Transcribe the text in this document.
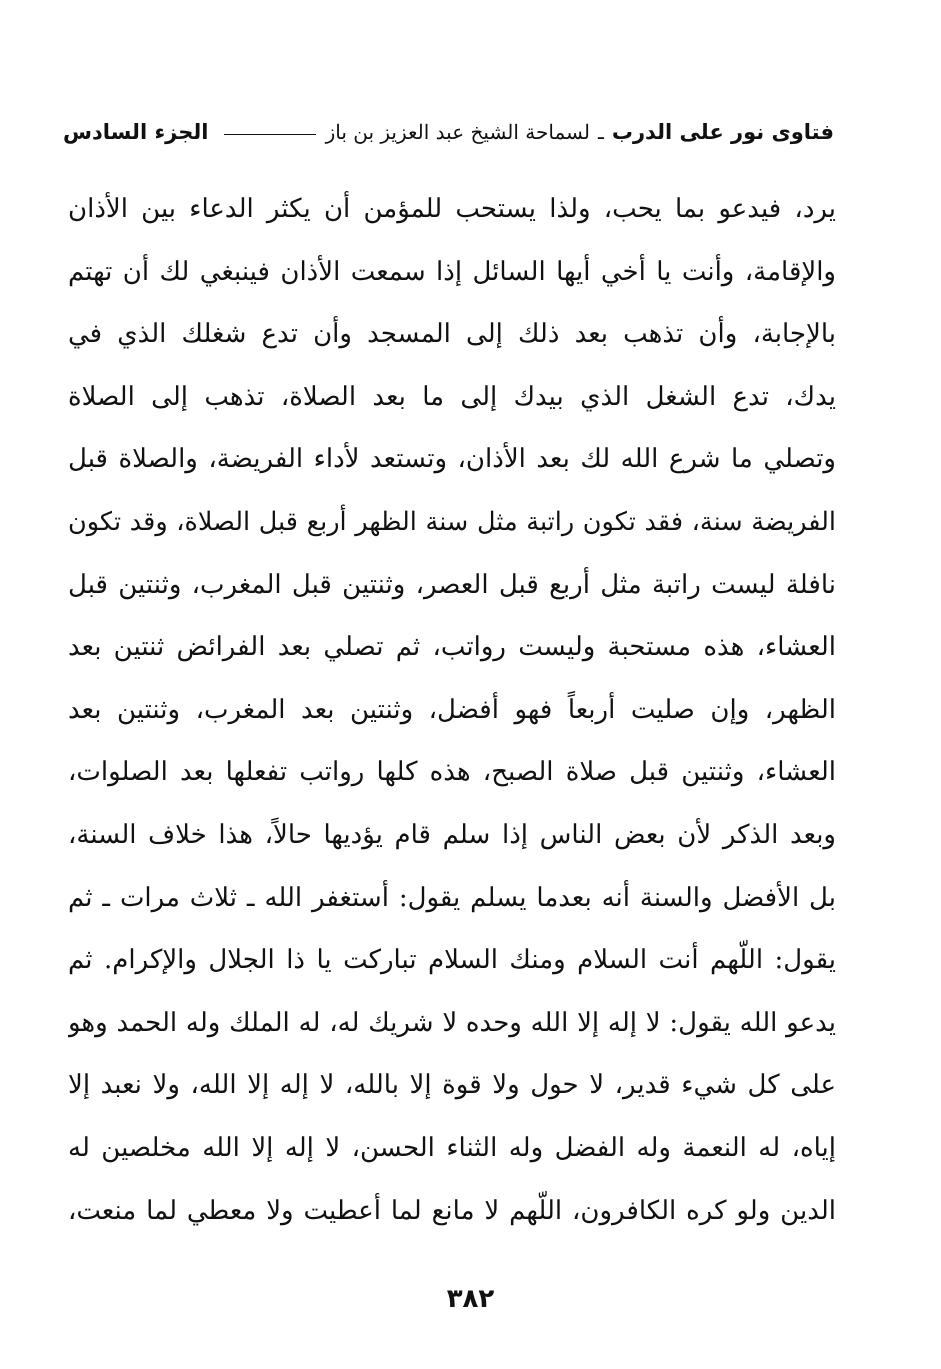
فتاوى نور على الدرب
ـ
لسماحة الشيخ عبد العزيز بن باز
الجزء السادس
يرد، فيدعو بما يحب، ولذا يستحب للمؤمن أن يكثر الدعاء بين الأذان
والإقامة، وأنت يا أخي أيها السائل إذا سمعت الأذان فينبغي لك أن تهتم
بالإجابة، وأن تذهب بعد ذلك إلى المسجد وأن تدع شغلك الذي في
يدك، تدع الشغل الذي بيدك إلى ما بعد الصلاة، تذهب إلى الصلاة
وتصلي ما شرع الله لك بعد الأذان، وتستعد لأداء الفريضة، والصلاة قبل
الفريضة سنة، فقد تكون راتبة مثل سنة الظهر أربع قبل الصلاة، وقد تكون
نافلة ليست راتبة مثل أربع قبل العصر، وثنتين قبل المغرب، وثنتين قبل
العشاء، هذه مستحبة وليست رواتب، ثم تصلي بعد الفرائض ثنتين بعد
الظهر، وإن صليت أربعاً فهو أفضل، وثنتين بعد المغرب، وثنتين بعد
العشاء، وثنتين قبل صلاة الصبح، هذه كلها رواتب تفعلها بعد الصلوات،
وبعد الذكر لأن بعض الناس إذا سلم قام يؤديها حالاً، هذا خلاف السنة،
بل الأفضل والسنة أنه بعدما يسلم يقول: أستغفر الله ـ ثلاث مرات ـ ثم
يقول: اللّهم أنت السلام ومنك السلام تباركت يا ذا الجلال والإكرام. ثم
يدعو الله يقول: لا إله إلا الله وحده لا شريك له، له الملك وله الحمد وهو
على كل شيء قدير، لا حول ولا قوة إلا بالله، لا إله إلا الله، ولا نعبد إلا
إياه، له النعمة وله الفضل وله الثناء الحسن، لا إله إلا الله مخلصين له
الدين ولو كره الكافرون، اللّهم لا مانع لما أعطيت ولا معطي لما منعت،
٣٨٢
